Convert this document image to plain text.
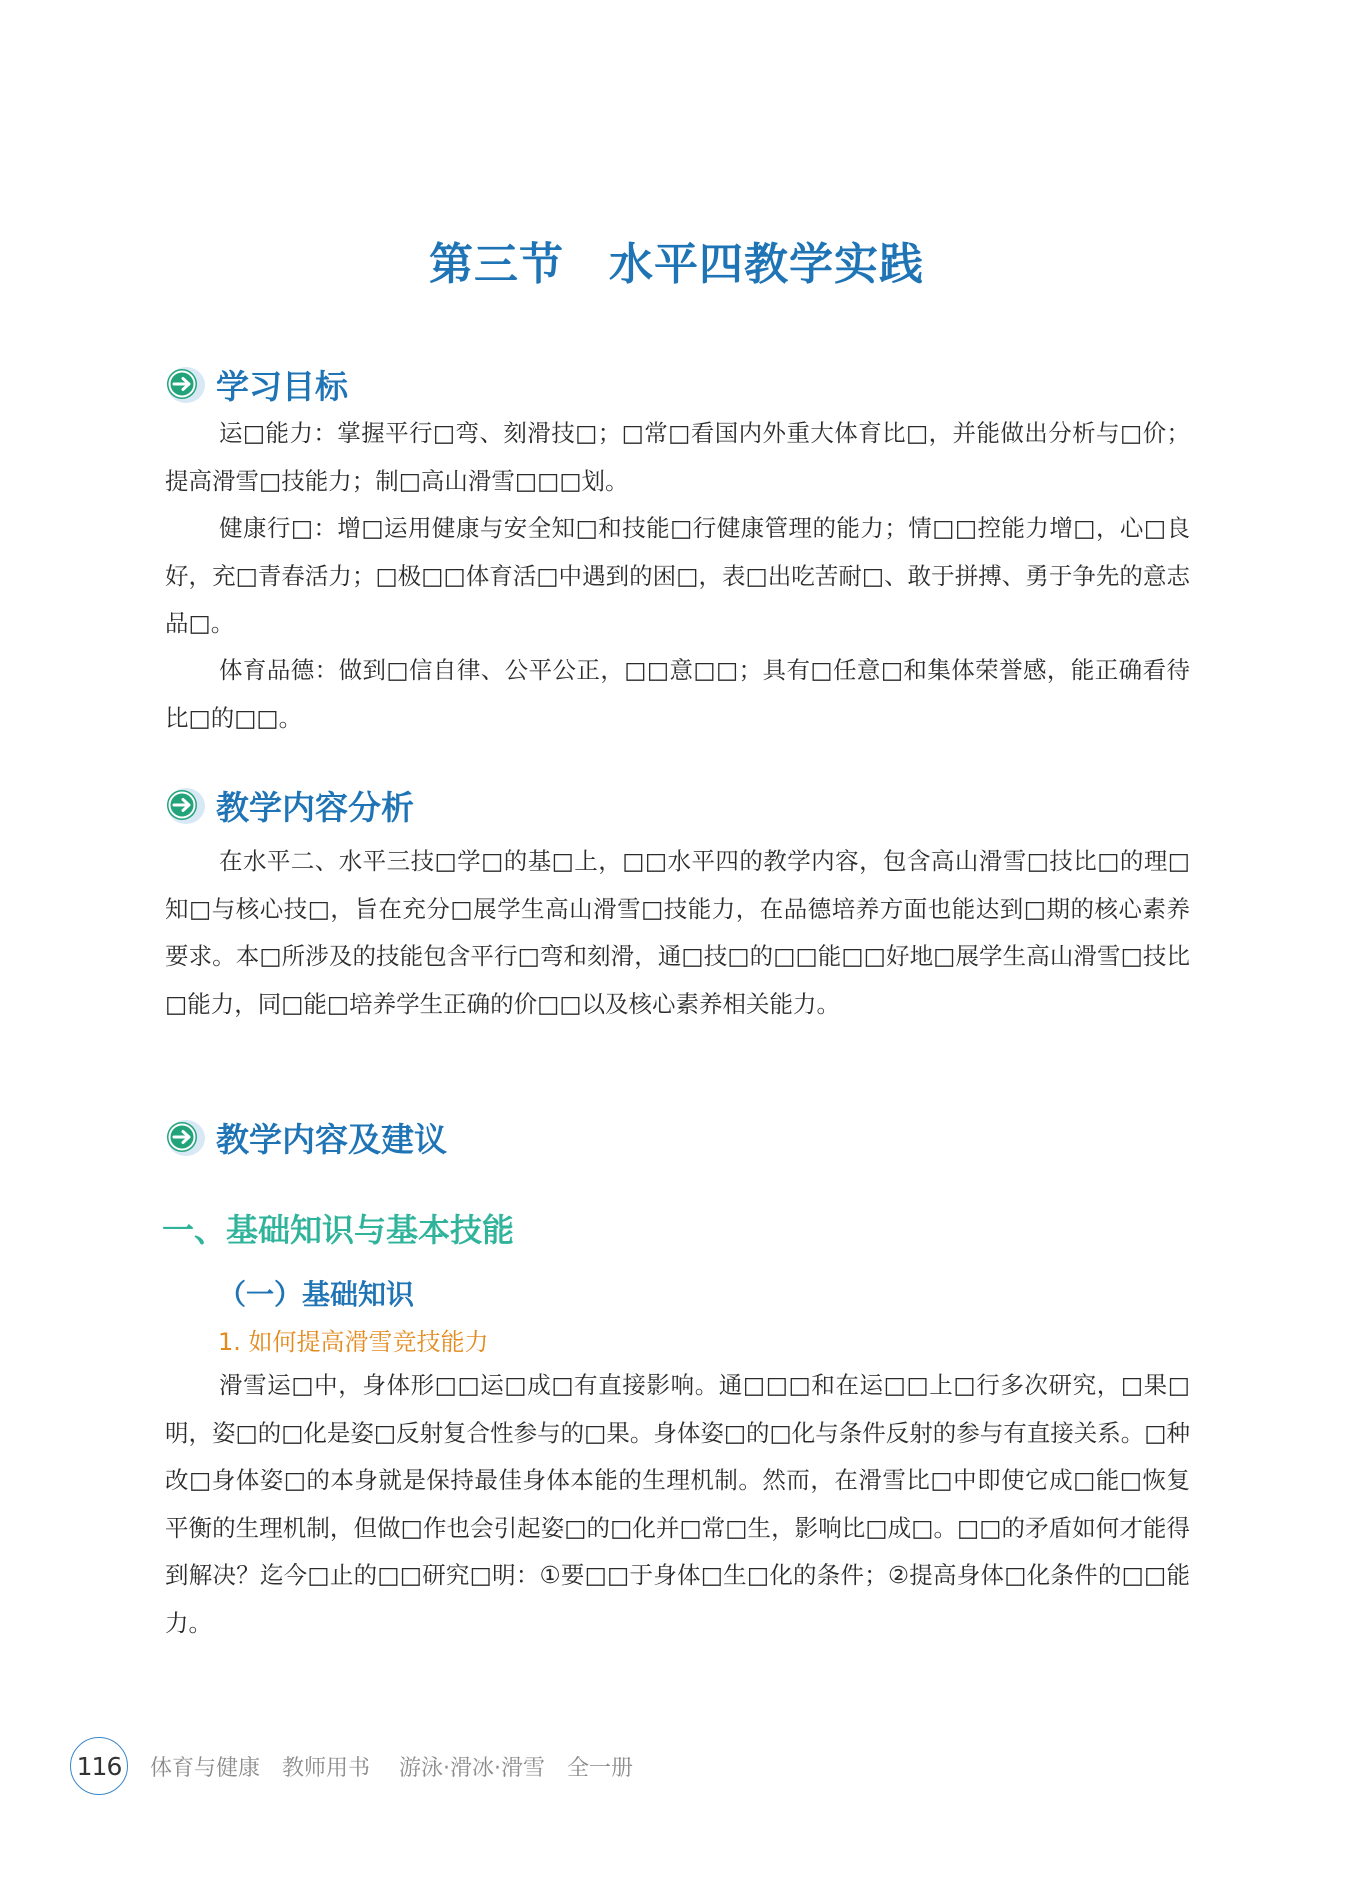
第三节　水平四教学实践
学习目标

运□能力：掌握平行□弯、刻滑技□；□常□看国内外重大体育比□，并能做出分析与□价；提高滑雪□技能力；制□高山滑雪□□□划。

健康行□：增□运用健康与安全知□和技能□行健康管理的能力；情□□控能力增□，心□良好，充□青春活力；□极□□体育活□中遇到的困□，表□出吃苦耐□、敢于拼搏、勇于争先的意志品□。

体育品德：做到□信自律、公平公正，□□意□□；具有□任意□和集体荣誉感，能正确看待比□的□□。

教学内容分析

在水平二、水平三技□学□的基□上，□□水平四的教学内容，包含高山滑雪□技比□的理□知□与核心技□，旨在充分□展学生高山滑雪□技能力，在品德培养方面也能达到□期的核心素养要求。本□所涉及的技能包含平行□弯和刻滑，通□技□的□□能□□好地□展学生高山滑雪□技比□能力，同□能□培养学生正确的价□□以及核心素养相关能力。

教学内容及建议
一、基础知识与基本技能
（一）基础知识
1. 如何提高滑雪竞技能力

滑雪运□中，身体形□□运□成□有直接影响。通□□□和在运□□上□行多次研究，□果□明，姿□的□化是姿□反射复合性参与的□果。身体姿□的□化与条件反射的参与有直接关系。□种改□身体姿□的本身就是保持最佳身体本能的生理机制。然而，在滑雪比□中即使它成□能□恢复平衡的生理机制，但做□作也会引起姿□的□化并□常□生，影响比□成□。□□的矛盾如何才能得到解决？迄今□止的□□研究□明：①要□□于身体□生□化的条件；②提高身体□化条件的□□能力。

116	体育与健康　教师用书　 游泳·滑冰·滑雪　全一册
